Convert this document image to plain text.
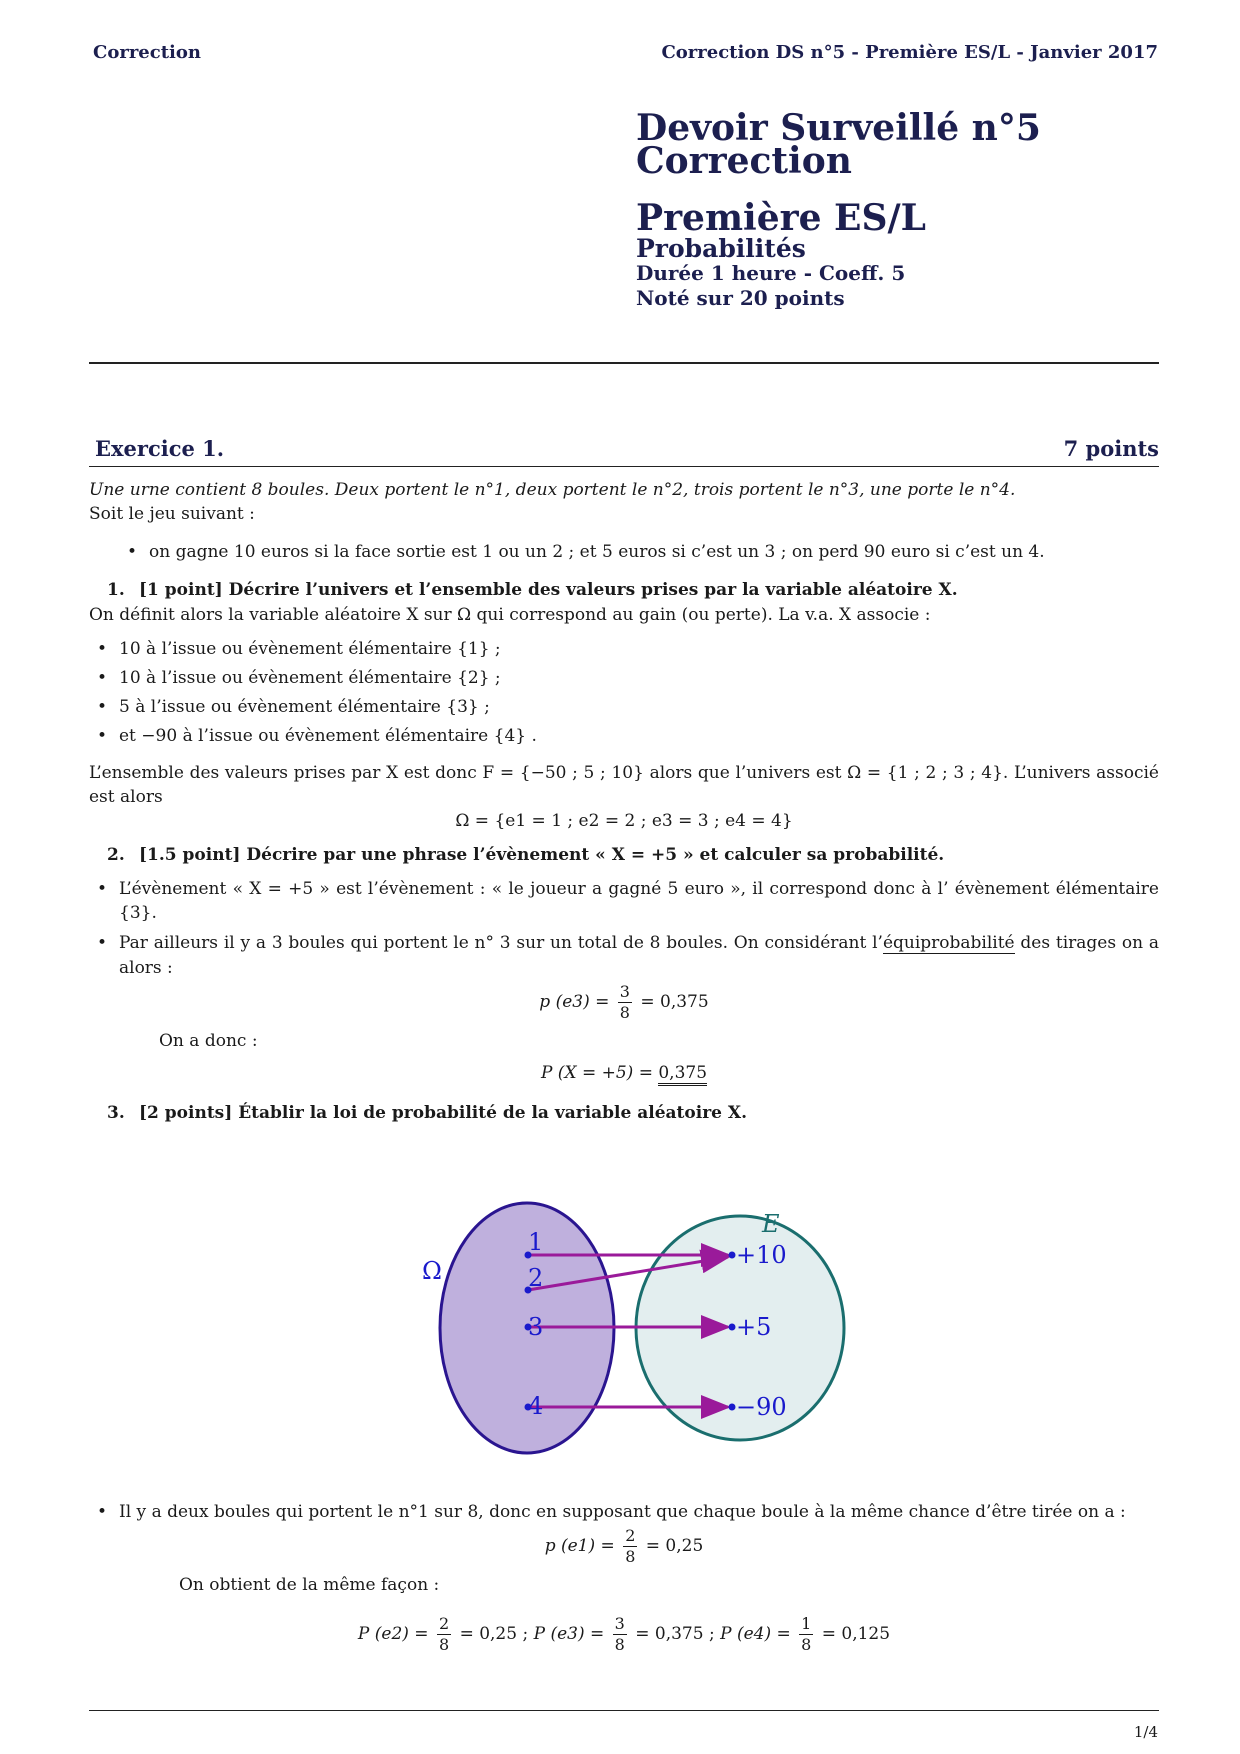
Correction	Correction DS n°5 - Première ES/L - Janvier 2017
Devoir Surveillé n°5
Correction
Première ES/L
Probabilités
Durée 1 heure - Coeff. 5
Noté sur 20 points
Exercice 1.	7 points

Une urne contient 8 boules. Deux portent le n°1, deux portent le n°2, trois portent le n°3, une porte le n°4.

Soit le jeu suivant :

• on gagne 10 euros si la face sortie est 1 ou un 2 ; et 5 euros si c’est un 3 ; on perd 90 euro si c’est un 4.
1. [1 point] Décrire l’univers et l’ensemble des valeurs prises par la variable aléatoire X.

On définit alors la variable aléatoire X sur Ω qui correspond au gain (ou perte). La v.a. X associe :

• 10 à l’issue ou évènement élémentaire {1} ;
• 10 à l’issue ou évènement élémentaire {2} ;
• 5 à l’issue ou évènement élémentaire {3} ;
• et −90 à l’issue ou évènement élémentaire {4} .

L’ensemble des valeurs prises par X est donc F = {−50 ; 5 ; 10} alors que l’univers est Ω = {1 ; 2 ; 3 ; 4}. L’univers associé est alors

Ω = {e1 = 1 ; e2 = 2 ; e3 = 3 ; e4 = 4}

2. [1.5 point] Décrire par une phrase l’évènement « X = +5 » et calculer sa probabilité.
• L’évènement « X = +5 » est l’évènement : « le joueur a gagné 5 euro », il correspond donc à l’ évènement élémentaire {3}.
• Par ailleurs il y a 3 boules qui portent le n° 3 sur un total de 8 boules. On considérant l’équiprobabilité des tirages on a alors :
p $(e3) = \frac{3}{8} = 0,375$

On a donc :

P (X = +5) = 0,375
3. [2 points] Établir la loi de probabilité de la variable aléatoire X.
Ω
E
1
2
3
4
+10
+5
−90
• Il y a deux boules qui portent le n°1 sur 8, donc en supposant que chaque boule à la même chance d’être tirée on a :
p $(e1) = \frac{2}{8} = 0,25$

On obtient de la même façon :

P $(e2) = \frac{2}{8} = 0,25$ ; P $(e3) = \frac{3}{8} = 0,375$ ; P $(e4) = \frac{1}{8} = 0,125$
1/4
